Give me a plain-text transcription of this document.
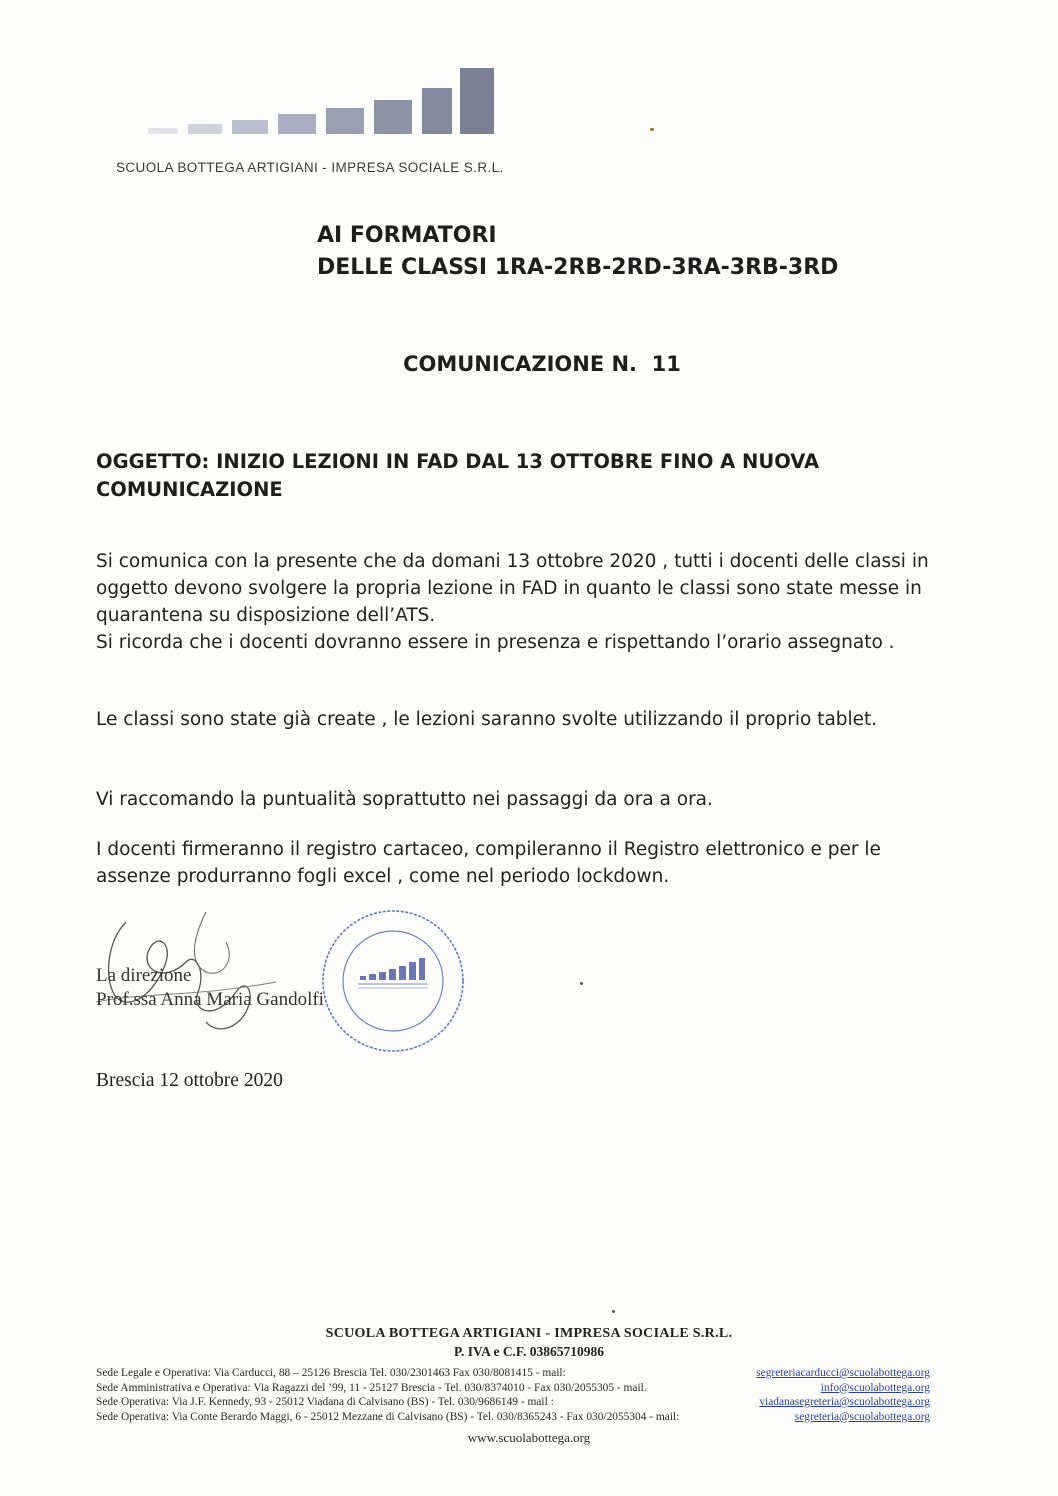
SCUOLA BOTTEGA ARTIGIANI - IMPRESA SOCIALE S.R.L.
AI FORMATORI
DELLE CLASSI 1RA-2RB-2RD-3RA-3RB-3RD
COMUNICAZIONE N.  11
OGGETTO: INIZIO LEZIONI IN FAD DAL 13 OTTOBRE FINO A NUOVA COMUNICAZIONE

Si comunica con la presente che da domani 13 ottobre 2020 , tutti i docenti delle classi in oggetto devono svolgere la propria lezione in FAD in quanto le classi sono state messe in quarantena su disposizione dell’ATS.

Si ricorda che i docenti dovranno essere in presenza e rispettando l’orario assegnato .

Le classi sono state già create , le lezioni saranno svolte utilizzando il proprio tablet.
Vi raccomando la puntualità soprattutto nei passaggi da ora a ora.
I docenti firmeranno il registro cartaceo, compileranno il Registro elettronico e per le assenze produrranno fogli excel , come nel periodo lockdown.
La direzione
Prof.ssa Anna Maria Gandolfi
Brescia 12 ottobre 2020
SCUOLA BOTTEGA ARTIGIANI - IMPRESA SOCIALE S.R.L.
P. IVA e C.F. 03865710986
Sede Legale e Operativa: Via Carducci, 88 – 25126 Brescia Tel. 030/2301463 Fax 030/8081415 - mail:	segreteriacarducci@scuolabottega.org
Sede Amministrativa e Operativa: Via Ragazzi del ’99, 11 - 25127 Brescia - Tel. 030/8374010 - Fax 030/2055305 - mail.	info@scuolabottega.org
Sede Operativa: Via J.F. Kennedy, 93 - 25012 Viadana di Calvisano (BS) - Tel. 030/9686149 - mail :	viadanasegreteria@scuolabottega.org
Sede Operativa: Via Conte Berardo Maggi, 6 - 25012 Mezzane di Calvisano (BS) - Tel. 030/8365243 - Fax 030/2055304 - mail:	segreteria@scuolabottega.org
www.scuolabottega.org
